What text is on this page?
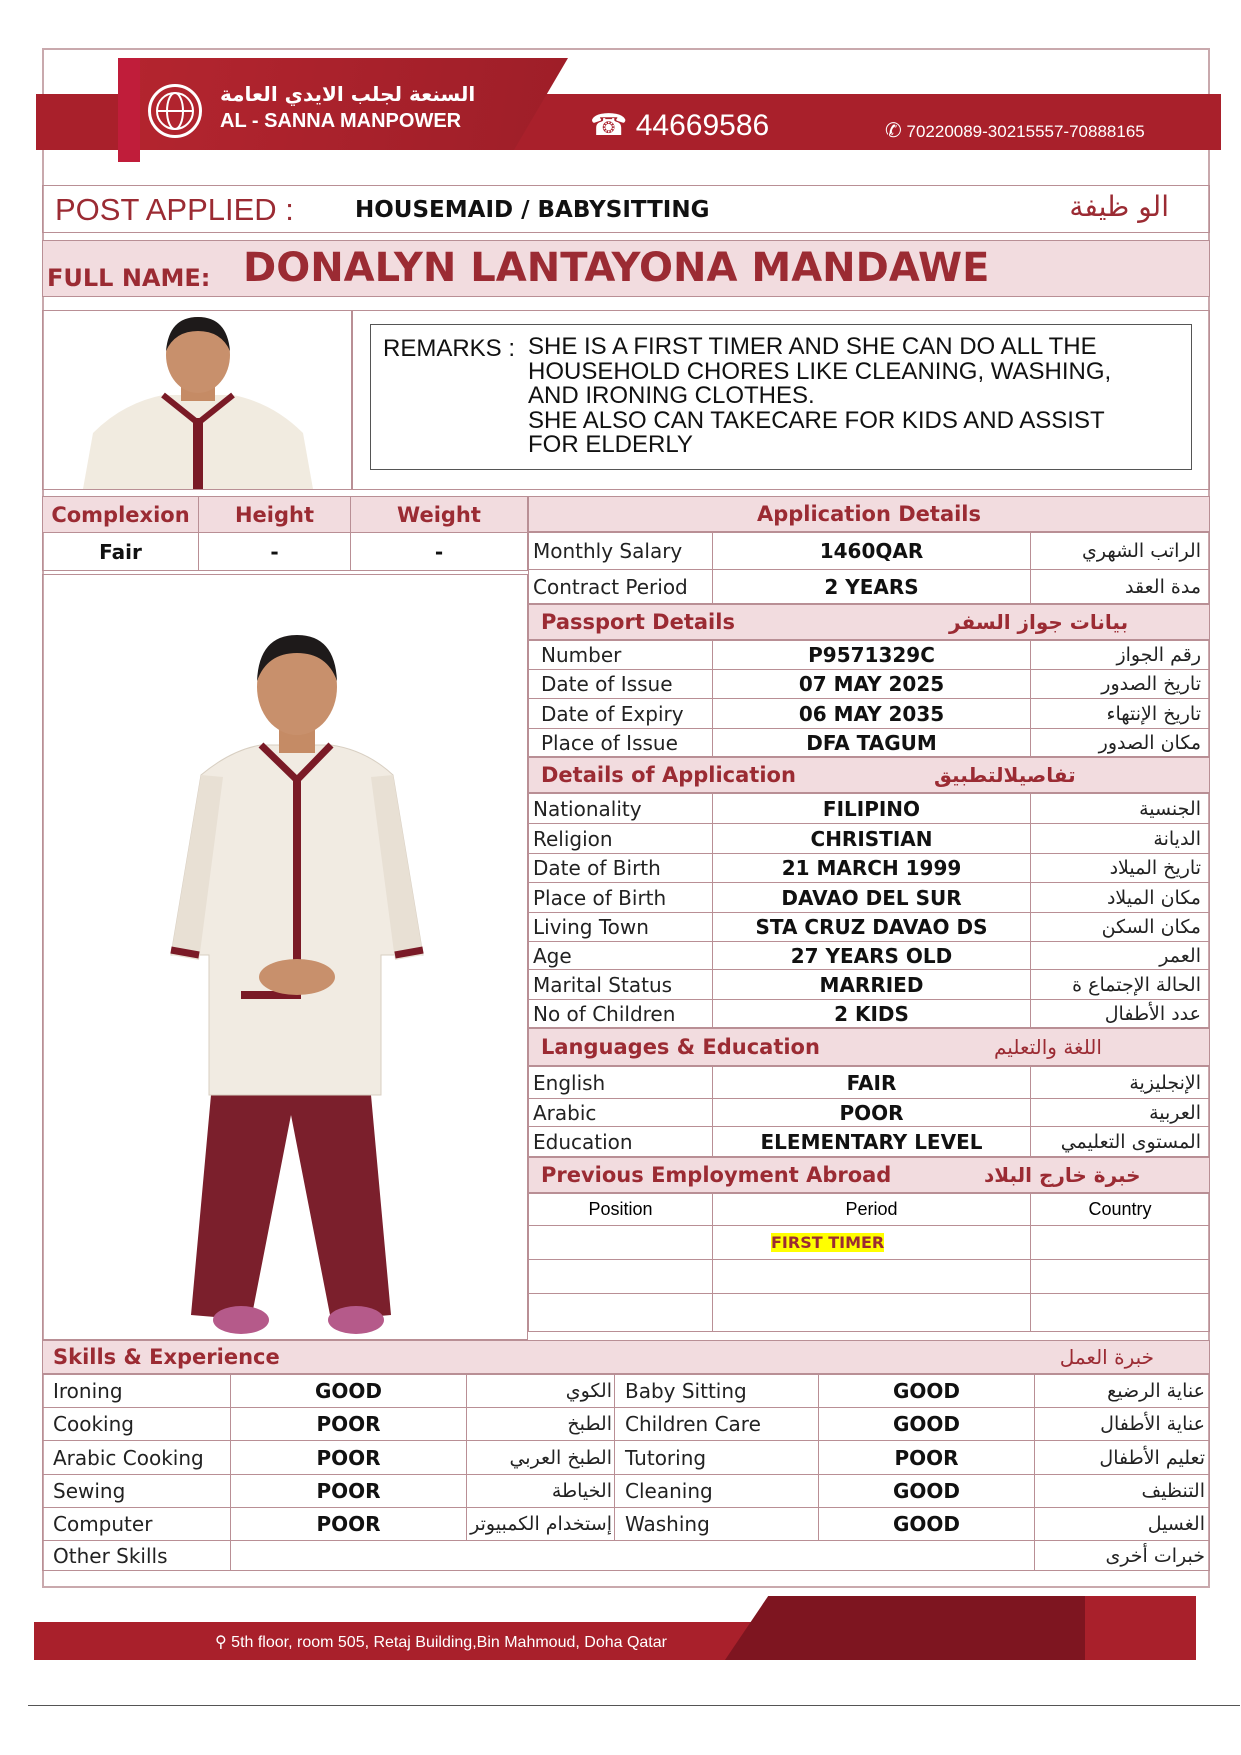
السنعة لجلب الايدي العامة
AL - SANNA MANPOWER	☎ 44669586	✆ 70220089-30215557-70888165
POST APPLIED :	HOUSEMAID / BABYSITTING	الو ظيفة
FULL NAME: DONALYN LANTAYONA MANDAWE
REMARKS : SHE IS A FIRST TIMER AND SHE CAN DO ALL THE
HOUSEHOLD CHORES LIKE CLEANING, WASHING,
AND IRONING CLOTHES.
SHE ALSO CAN TAKECARE FOR KIDS AND ASSIST
FOR ELDERLY
Complexion	Height	Weight
Fair	-	-
Application Details
Monthly Salary	1460QAR	الراتب الشهري
Contract Period	2 YEARS	مدة العقد
Passport Details	بيانات جواز السفر
Number	P9571329C	رقم الجواز
Date of Issue	07 MAY 2025	تاريخ الصدور
Date of Expiry	06 MAY 2035	تاريخ الإنتهاء
Place of Issue	DFA TAGUM	مكان الصدور
Details of Application	تفاصيلالتطبيق
Nationality	FILIPINO	الجنسية
Religion	CHRISTIAN	الديانة
Date of Birth	21 MARCH 1999	تاريخ الميلاد
Place of Birth	DAVAO DEL SUR	مكان الميلاد
Living Town	STA CRUZ DAVAO DS	مكان السكن
Age	27 YEARS OLD	العمر
Marital Status	MARRIED	الحالة الإجتماع ة
No of Children	2 KIDS	عدد الأطفال
Languages & Education	اللغة والتعليم
English	FAIR	الإنجليزية
Arabic	POOR	العربية
Education	ELEMENTARY LEVEL	المستوى التعليمي
Previous Employment Abroad	خبرة خارج البلاد
Position	Period	Country
	FIRST TIMER	

Skills & Experience	خبرة العمل
Ironing	GOOD	الكوي	Baby Sitting	GOOD	عناية الرضيع
Cooking	POOR	الطبخ	Children Care	GOOD	عناية الأطفال
Arabic Cooking	POOR	الطبخ العربي	Tutoring	POOR	تعليم الأطفال
Sewing	POOR	الخياطة	Cleaning	GOOD	التنظيف
Computer	POOR	إستخدام الكمبيوتر	Washing	GOOD	الغسيل
Other Skills					خبرات أخرى
⚲ 5th floor, room 505, Retaj Building,Bin Mahmoud, Doha Qatar
